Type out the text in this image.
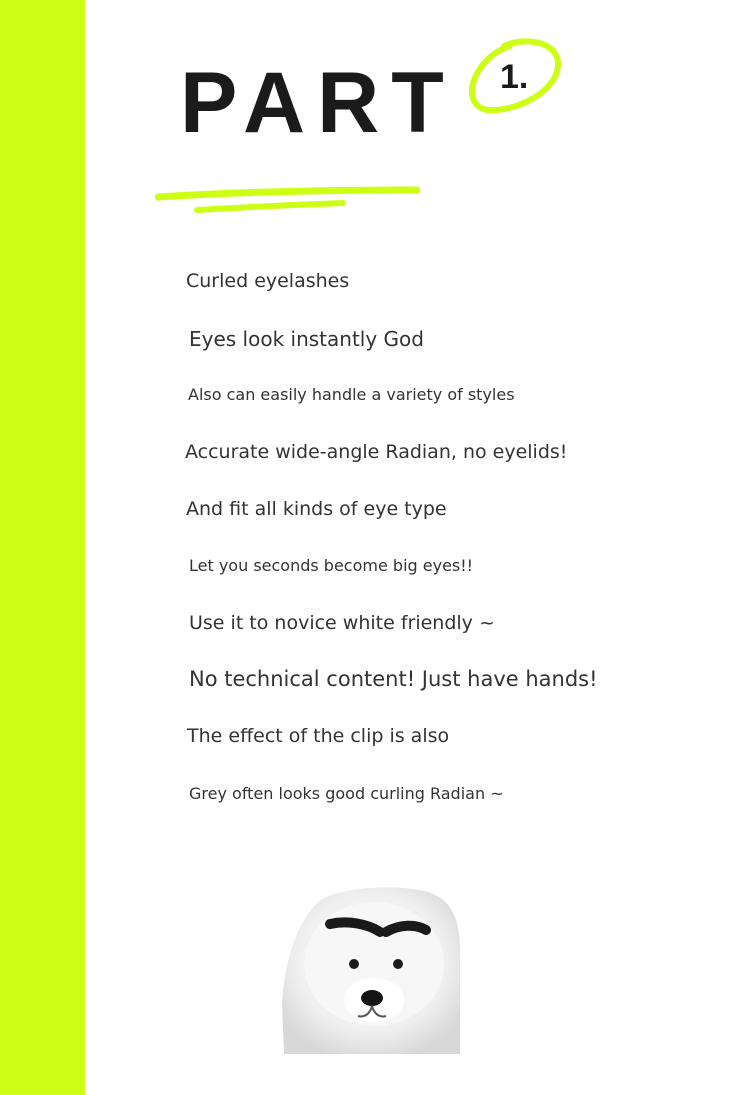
PART 1.

Curled eyelashes

Eyes look instantly God

Also can easily handle a variety of styles

Accurate wide-angle Radian, no eyelids!

And fit all kinds of eye type

Let you seconds become big eyes!!

Use it to novice white friendly ~

No technical content! Just have hands!

The effect of the clip is also

Grey often looks good curling Radian ~
